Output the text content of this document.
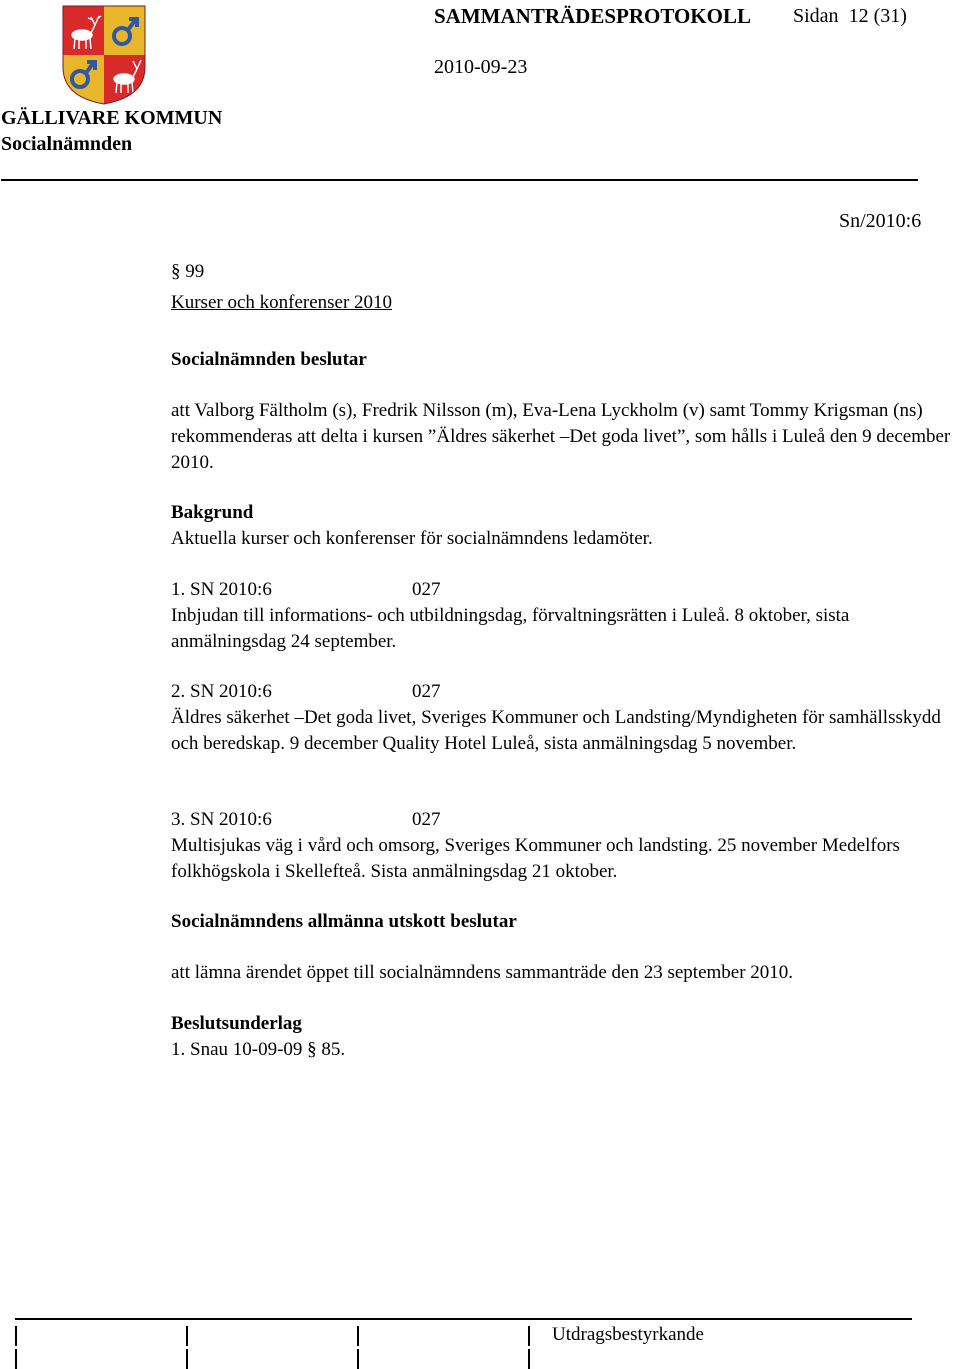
SAMMANTRÄDESPROTOKOLL Sidan 12 (31)
2010-09-23
GÄLLIVARE KOMMUN
Socialnämnden
Sn/2010:6
§ 99
Kurser och konferenser 2010
Socialnämnden beslutar
att Valborg Fältholm (s), Fredrik Nilsson (m), Eva-Lena Lyckholm (v) samt Tommy Krigsman (ns) rekommenderas att delta i kursen ”Äldres säkerhet –Det goda livet”, som hålls i Luleå den 9 december 2010.
Bakgrund
Aktuella kurser och konferenser för socialnämndens ledamöter.
1. SN 2010:6	027
Inbjudan till informations- och utbildningsdag, förvaltningsrätten i Luleå. 8 oktober, sista anmälningsdag 24 september.
2. SN 2010:6	027
Äldres säkerhet –Det goda livet, Sveriges Kommuner och Landsting/Myndigheten för samhällsskydd och beredskap. 9 december Quality Hotel Luleå, sista anmälningsdag 5 november.
3. SN 2010:6	027
Multisjukas väg i vård och omsorg, Sveriges Kommuner och landsting. 25 november Medelfors folkhögskola i Skellefteå. Sista anmälningsdag 21 oktober.
Socialnämndens allmänna utskott beslutar
att lämna ärendet öppet till socialnämndens sammanträde den 23 september 2010.
Beslutsunderlag
1. Snau 10-09-09 § 85.
Utdragsbestyrkande
